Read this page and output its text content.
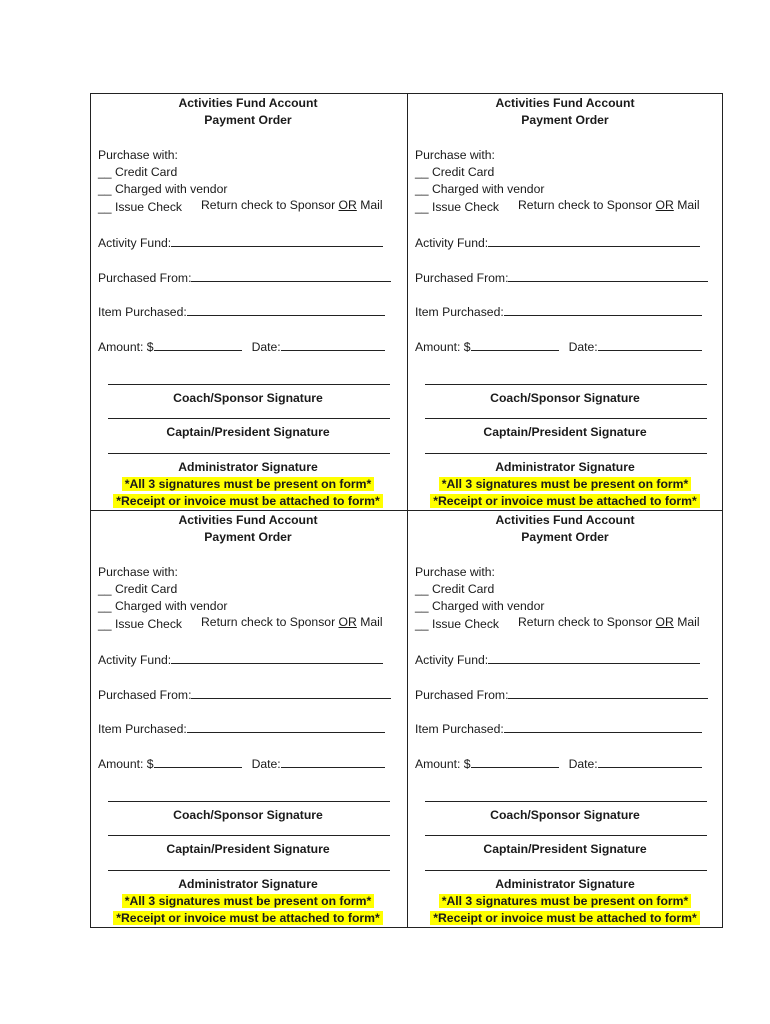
Activities Fund Account
Payment Order
Purchase with:
__ Credit Card
__ Charged with vendor
__ Issue Check Return check to Sponsor OR Mail
Activity Fund:
Purchased From:
Item Purchased:
Amount: $	Date:
Coach/Sponsor Signature
Captain/President Signature
Administrator Signature
*All 3 signatures must be present on form*
*Receipt or invoice must be attached to form*
Activities Fund Account
Payment Order
Purchase with:
__ Credit Card
__ Charged with vendor
__ Issue Check Return check to Sponsor OR Mail
Activity Fund:
Purchased From:
Item Purchased:
Amount: $	Date:
Coach/Sponsor Signature
Captain/President Signature
Administrator Signature
*All 3 signatures must be present on form*
*Receipt or invoice must be attached to form*
Activities Fund Account
Payment Order
Purchase with:
__ Credit Card
__ Charged with vendor
__ Issue Check Return check to Sponsor OR Mail
Activity Fund:
Purchased From:
Item Purchased:
Amount: $	Date:
Coach/Sponsor Signature
Captain/President Signature
Administrator Signature
*All 3 signatures must be present on form*
*Receipt or invoice must be attached to form*
Activities Fund Account
Payment Order
Purchase with:
__ Credit Card
__ Charged with vendor
__ Issue Check Return check to Sponsor OR Mail
Activity Fund:
Purchased From:
Item Purchased:
Amount: $	Date:
Coach/Sponsor Signature
Captain/President Signature
Administrator Signature
*All 3 signatures must be present on form*
*Receipt or invoice must be attached to form*
